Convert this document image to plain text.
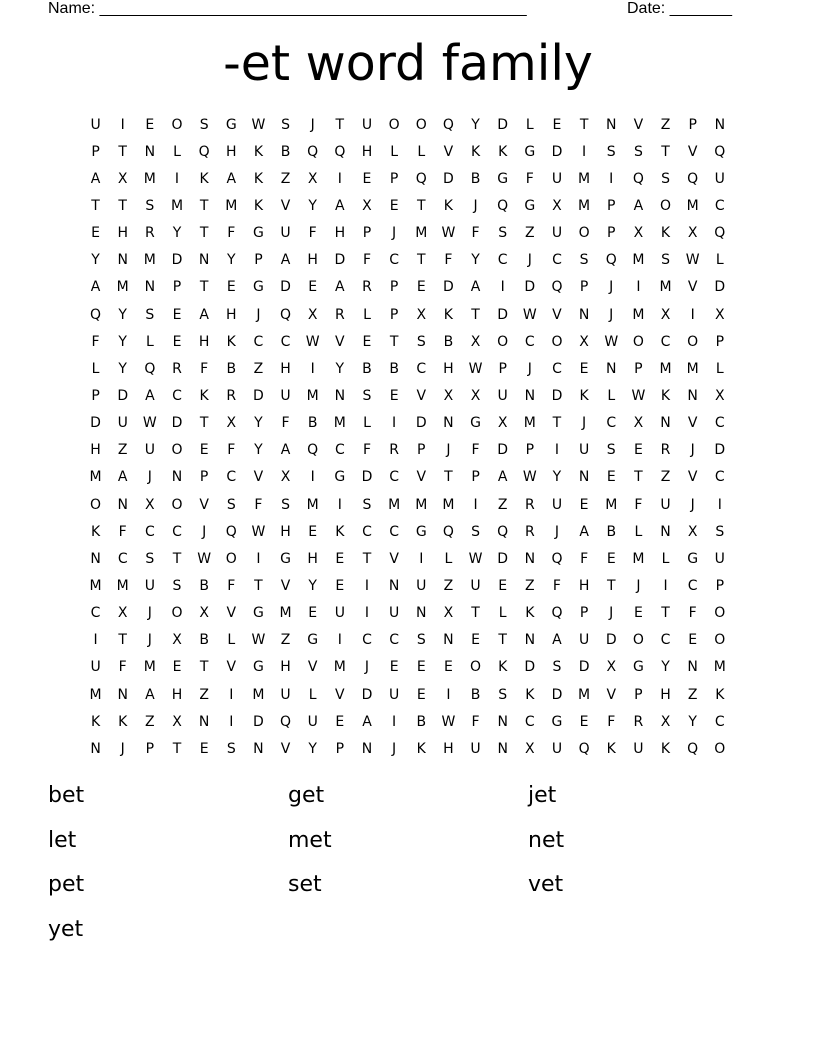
Name: ________________________________________________	Date: _______
-et word family
U	I	E	O	S	G	W	S	J	T	U	O	O	Q	Y	D	L	E	T	N	V	Z	P	N
P	T	N	L	Q	H	K	B	Q	Q	H	L	L	V	K	K	G	D	I	S	S	T	V	Q
A	X	M	I	K	A	K	Z	X	I	E	P	Q	D	B	G	F	U	M	I	Q	S	Q	U
T	T	S	M	T	M	K	V	Y	A	X	E	T	K	J	Q	G	X	M	P	A	O	M	C
E	H	R	Y	T	F	G	U	F	H	P	J	M	W	F	S	Z	U	O	P	X	K	X	Q
Y	N	M	D	N	Y	P	A	H	D	F	C	T	F	Y	C	J	C	S	Q	M	S	W	L
A	M	N	P	T	E	G	D	E	A	R	P	E	D	A	I	D	Q	P	J	I	M	V	D
Q	Y	S	E	A	H	J	Q	X	R	L	P	X	K	T	D	W	V	N	J	M	X	I	X
F	Y	L	E	H	K	C	C	W	V	E	T	S	B	X	O	C	O	X	W	O	C	O	P
L	Y	Q	R	F	B	Z	H	I	Y	B	B	C	H	W	P	J	C	E	N	P	M	M	L
P	D	A	C	K	R	D	U	M	N	S	E	V	X	X	U	N	D	K	L	W	K	N	X
D	U	W	D	T	X	Y	F	B	M	L	I	D	N	G	X	M	T	J	C	X	N	V	C
H	Z	U	O	E	F	Y	A	Q	C	F	R	P	J	F	D	P	I	U	S	E	R	J	D
M	A	J	N	P	C	V	X	I	G	D	C	V	T	P	A	W	Y	N	E	T	Z	V	C
O	N	X	O	V	S	F	S	M	I	S	M	M	M	I	Z	R	U	E	M	F	U	J	I
K	F	C	C	J	Q	W	H	E	K	C	C	G	Q	S	Q	R	J	A	B	L	N	X	S
N	C	S	T	W	O	I	G	H	E	T	V	I	L	W	D	N	Q	F	E	M	L	G	U
M	M	U	S	B	F	T	V	Y	E	I	N	U	Z	U	E	Z	F	H	T	J	I	C	P
C	X	J	O	X	V	G	M	E	U	I	U	N	X	T	L	K	Q	P	J	E	T	F	O
I	T	J	X	B	L	W	Z	G	I	C	C	S	N	E	T	N	A	U	D	O	C	E	O
U	F	M	E	T	V	G	H	V	M	J	E	E	E	O	K	D	S	D	X	G	Y	N	M
M	N	A	H	Z	I	M	U	L	V	D	U	E	I	B	S	K	D	M	V	P	H	Z	K
K	K	Z	X	N	I	D	Q	U	E	A	I	B	W	F	N	C	G	E	F	R	X	Y	C
N	J	P	T	E	S	N	V	Y	P	N	J	K	H	U	N	X	U	Q	K	U	K	Q	O
bet	get	jet
let	met	net
pet	set	vet
yet
